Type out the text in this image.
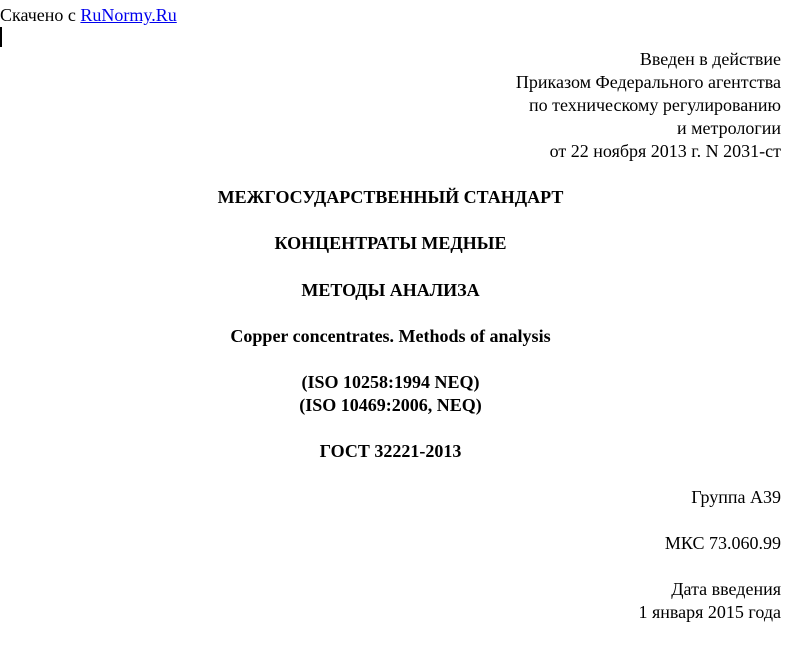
Скачено с RuNormy.Ru
Введен в действие
Приказом Федерального агентства
по техническому регулированию
и метрологии
от 22 ноября 2013 г. N 2031-ст
МЕЖГОСУДАРСТВЕННЫЙ СТАНДАРТ
КОНЦЕНТРАТЫ МЕДНЫЕ
МЕТОДЫ АНАЛИЗА
Copper concentrates. Methods of analysis
(ISO 10258:1994 NEQ)
(ISO 10469:2006, NEQ)
ГОСТ 32221-2013
Группа А39
МКС 73.060.99
Дата введения
1 января 2015 года
